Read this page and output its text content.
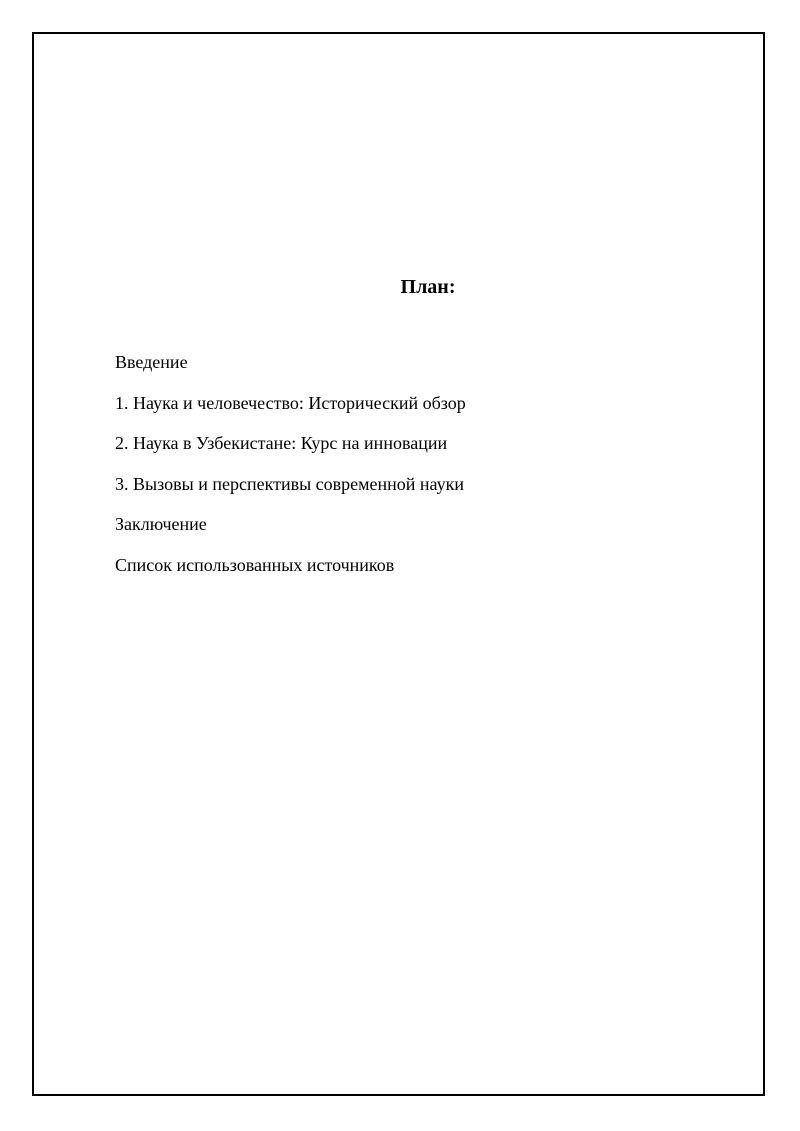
План:
Введение
1. Наука и человечество: Исторический обзор
2. Наука в Узбекистане: Курс на инновации
3. Вызовы и перспективы современной науки
Заключение
Список использованных источников
